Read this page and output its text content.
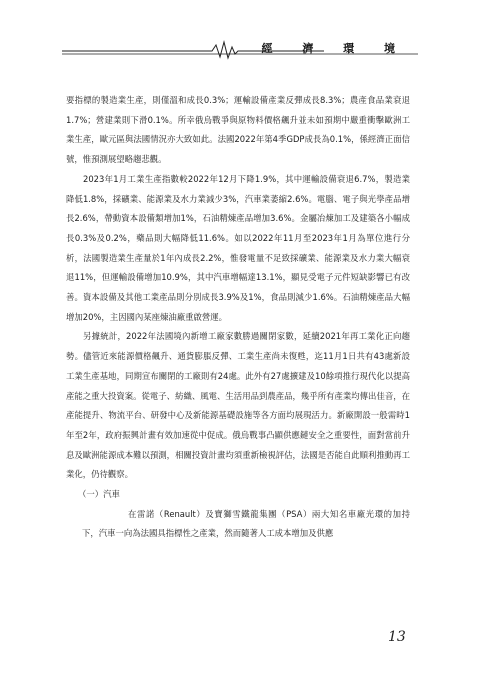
經 濟 環 境

要指標的製造業生產，則僅溫和成長0.3%；運輸設備產業反彈成長8.3%；農產食品業衰退1.7%；營建業則下滑0.1%。所幸俄烏戰爭與原物料價格飆升並未如預期中嚴重衝擊歐洲工業生產，歐元區與法國情況亦大致如此。法國2022年第4季GDP成長為0.1%，係經濟正面信號，惟預測展望略趨悲觀。

2023年1月工業生產指數較2022年12月下降1.9%，其中運輸設備衰退6.7%，製造業降低1.8%，採礦業、能源業及水力業減少3%，汽車業萎縮2.6%。電腦、電子與光學產品增長2.6%，帶動資本設備類增加1%，石油精煉產品增加3.6%。金屬冶煉加工及建築各小幅成長0.3%及0.2%，藥品則大幅降低11.6%。如以2022年11月至2023年1月為單位進行分析，法國製造業生產量於1年內成長2.2%，惟發電量不足致採礦業、能源業及水力業大幅衰退11%，但運輸設備增加10.9%，其中汽車增幅達13.1%，顯見受電子元件短缺影響已有改善。資本設備及其他工業產品則分別成長3.9%及1%，食品則減少1.6%。石油精煉產品大幅增加20%，主因國內某座煉油廠重啟營運。

另據統計，2022年法國境內新增工廠家數勝過關閉家數，延續2021年再工業化正向趨勢。儘管近來能源價格飆升、通貨膨脹反彈、工業生產尚未復甦，迄11月1日共有43處新設工業生產基地，同期宣布關閉的工廠則有24處。此外有27處擴建及10餘項推行現代化以提高產能之重大投資案。從電子、紡織、風電、生活用品到農產品，幾乎所有產業均傳出佳音，在產能提升、物流平台、研發中心及新能源基礎設施等各方面均展現活力。新廠開設一般需時1年至2年，政府振興計畫有效加速從中促成。俄烏戰事凸顯供應鏈安全之重要性，面對當前升息及歐洲能源成本難以預測，相關投資計畫均須重新檢視評估，法國是否能自此順利推動再工業化，仍待觀察。

（一）汽車

在雷諾（Renault）及寶獅雪鐵龍集團（PSA）兩大知名車廠光環的加持下，汽車一向為法國具指標性之產業，然而隨著人工成本增加及供應

13
